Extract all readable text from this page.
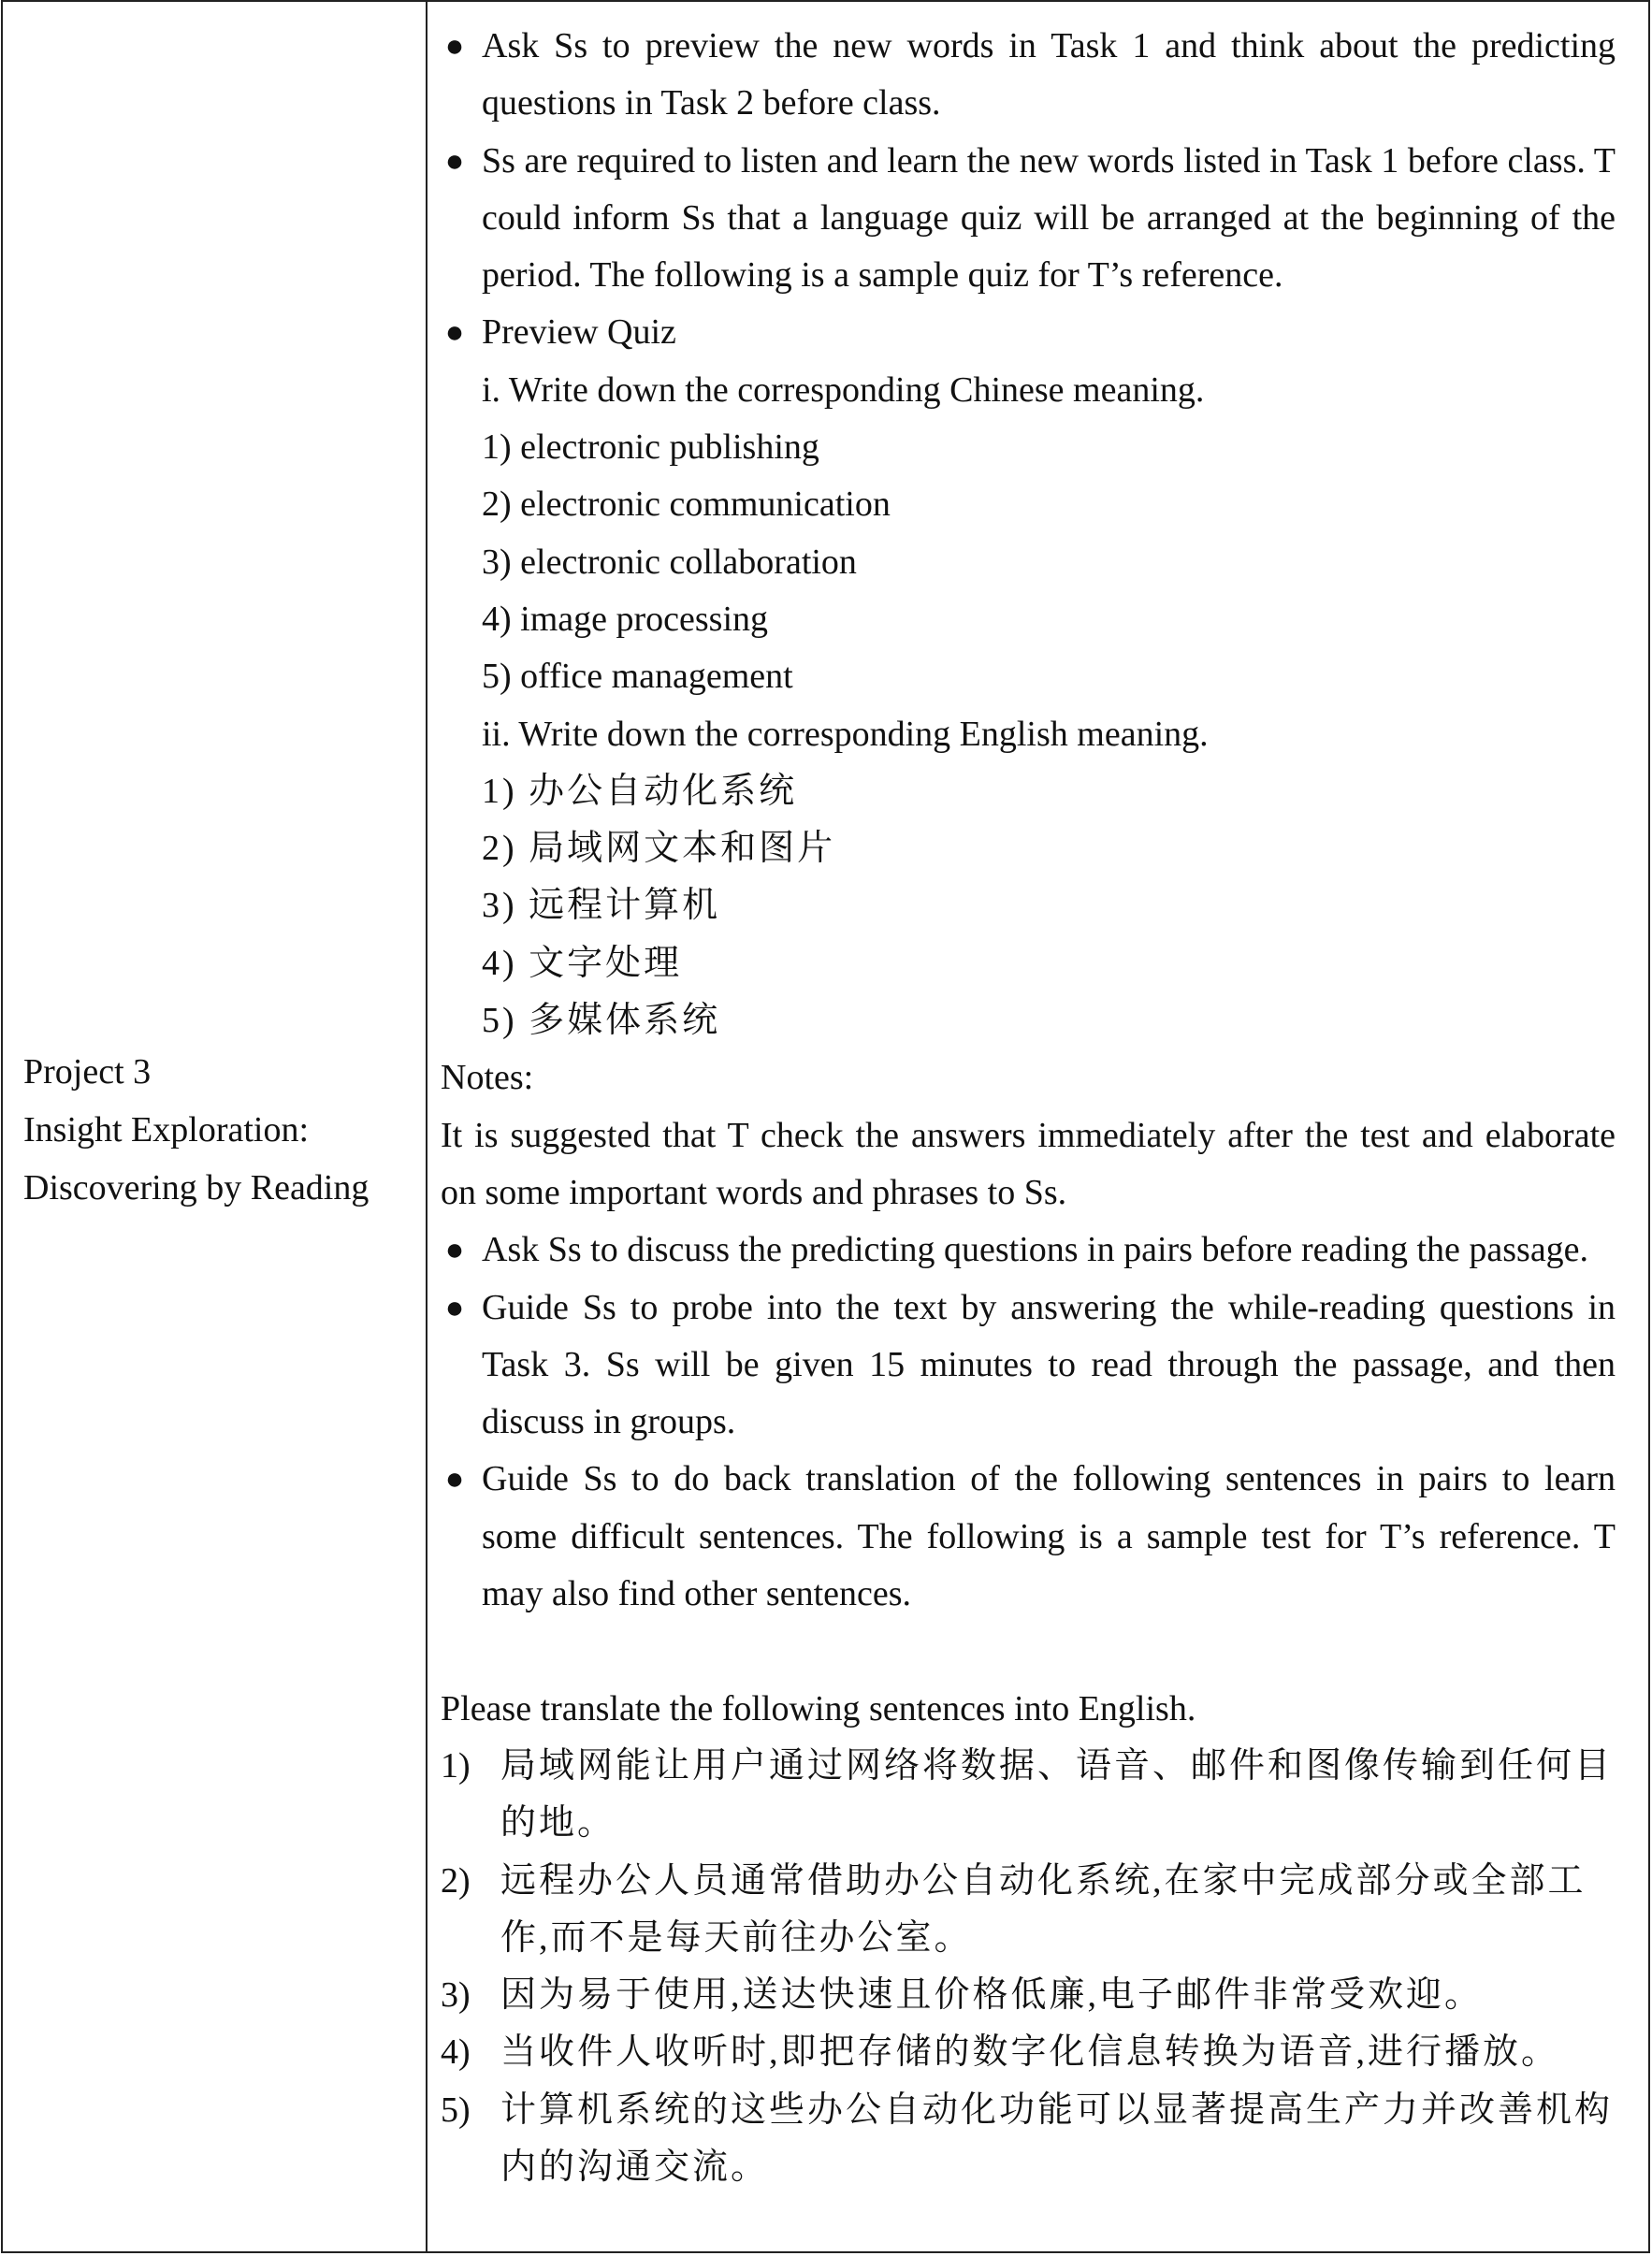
Project 3
Insight Exploration:
Discovering by Reading

● Ask Ss to preview the new words in Task 1 and think about the predicting questions in Task 2 before class.
● Ss are required to listen and learn the new words listed in Task 1 before class. T could inform Ss that a language quiz will be arranged at the beginning of the period. The following is a sample quiz for T’s reference.
● Preview Quiz
i. Write down the corresponding Chinese meaning.
1) electronic publishing
2) electronic communication
3) electronic collaboration
4) image processing
5) office management
ii. Write down the corresponding English meaning.
1) 办公自动化系统
2) 局域网文本和图片
3) 远程计算机
4) 文字处理
5) 多媒体系统
Notes:
It is suggested that T check the answers immediately after the test and elaborate on some important words and phrases to Ss.
● Ask Ss to discuss the predicting questions in pairs before reading the passage.
● Guide Ss to probe into the text by answering the while-reading questions in Task 3. Ss will be given 15 minutes to read through the passage, and then discuss in groups.
● Guide Ss to do back translation of the following sentences in pairs to learn some difficult sentences. The following is a sample test for T’s reference. T may also find other sentences.
Please translate the following sentences into English.
1) 局域网能让用户通过网络将数据、语音、邮件和图像传输到任何目的地。
2) 远程办公人员通常借助办公自动化系统,在家中完成部分或全部工作,而不是每天前往办公室。
3) 因为易于使用,送达快速且价格低廉,电子邮件非常受欢迎。
4) 当收件人收听时,即把存储的数字化信息转换为语音,进行播放。
5) 计算机系统的这些办公自动化功能可以显著提高生产力并改善机构内的沟通交流。
